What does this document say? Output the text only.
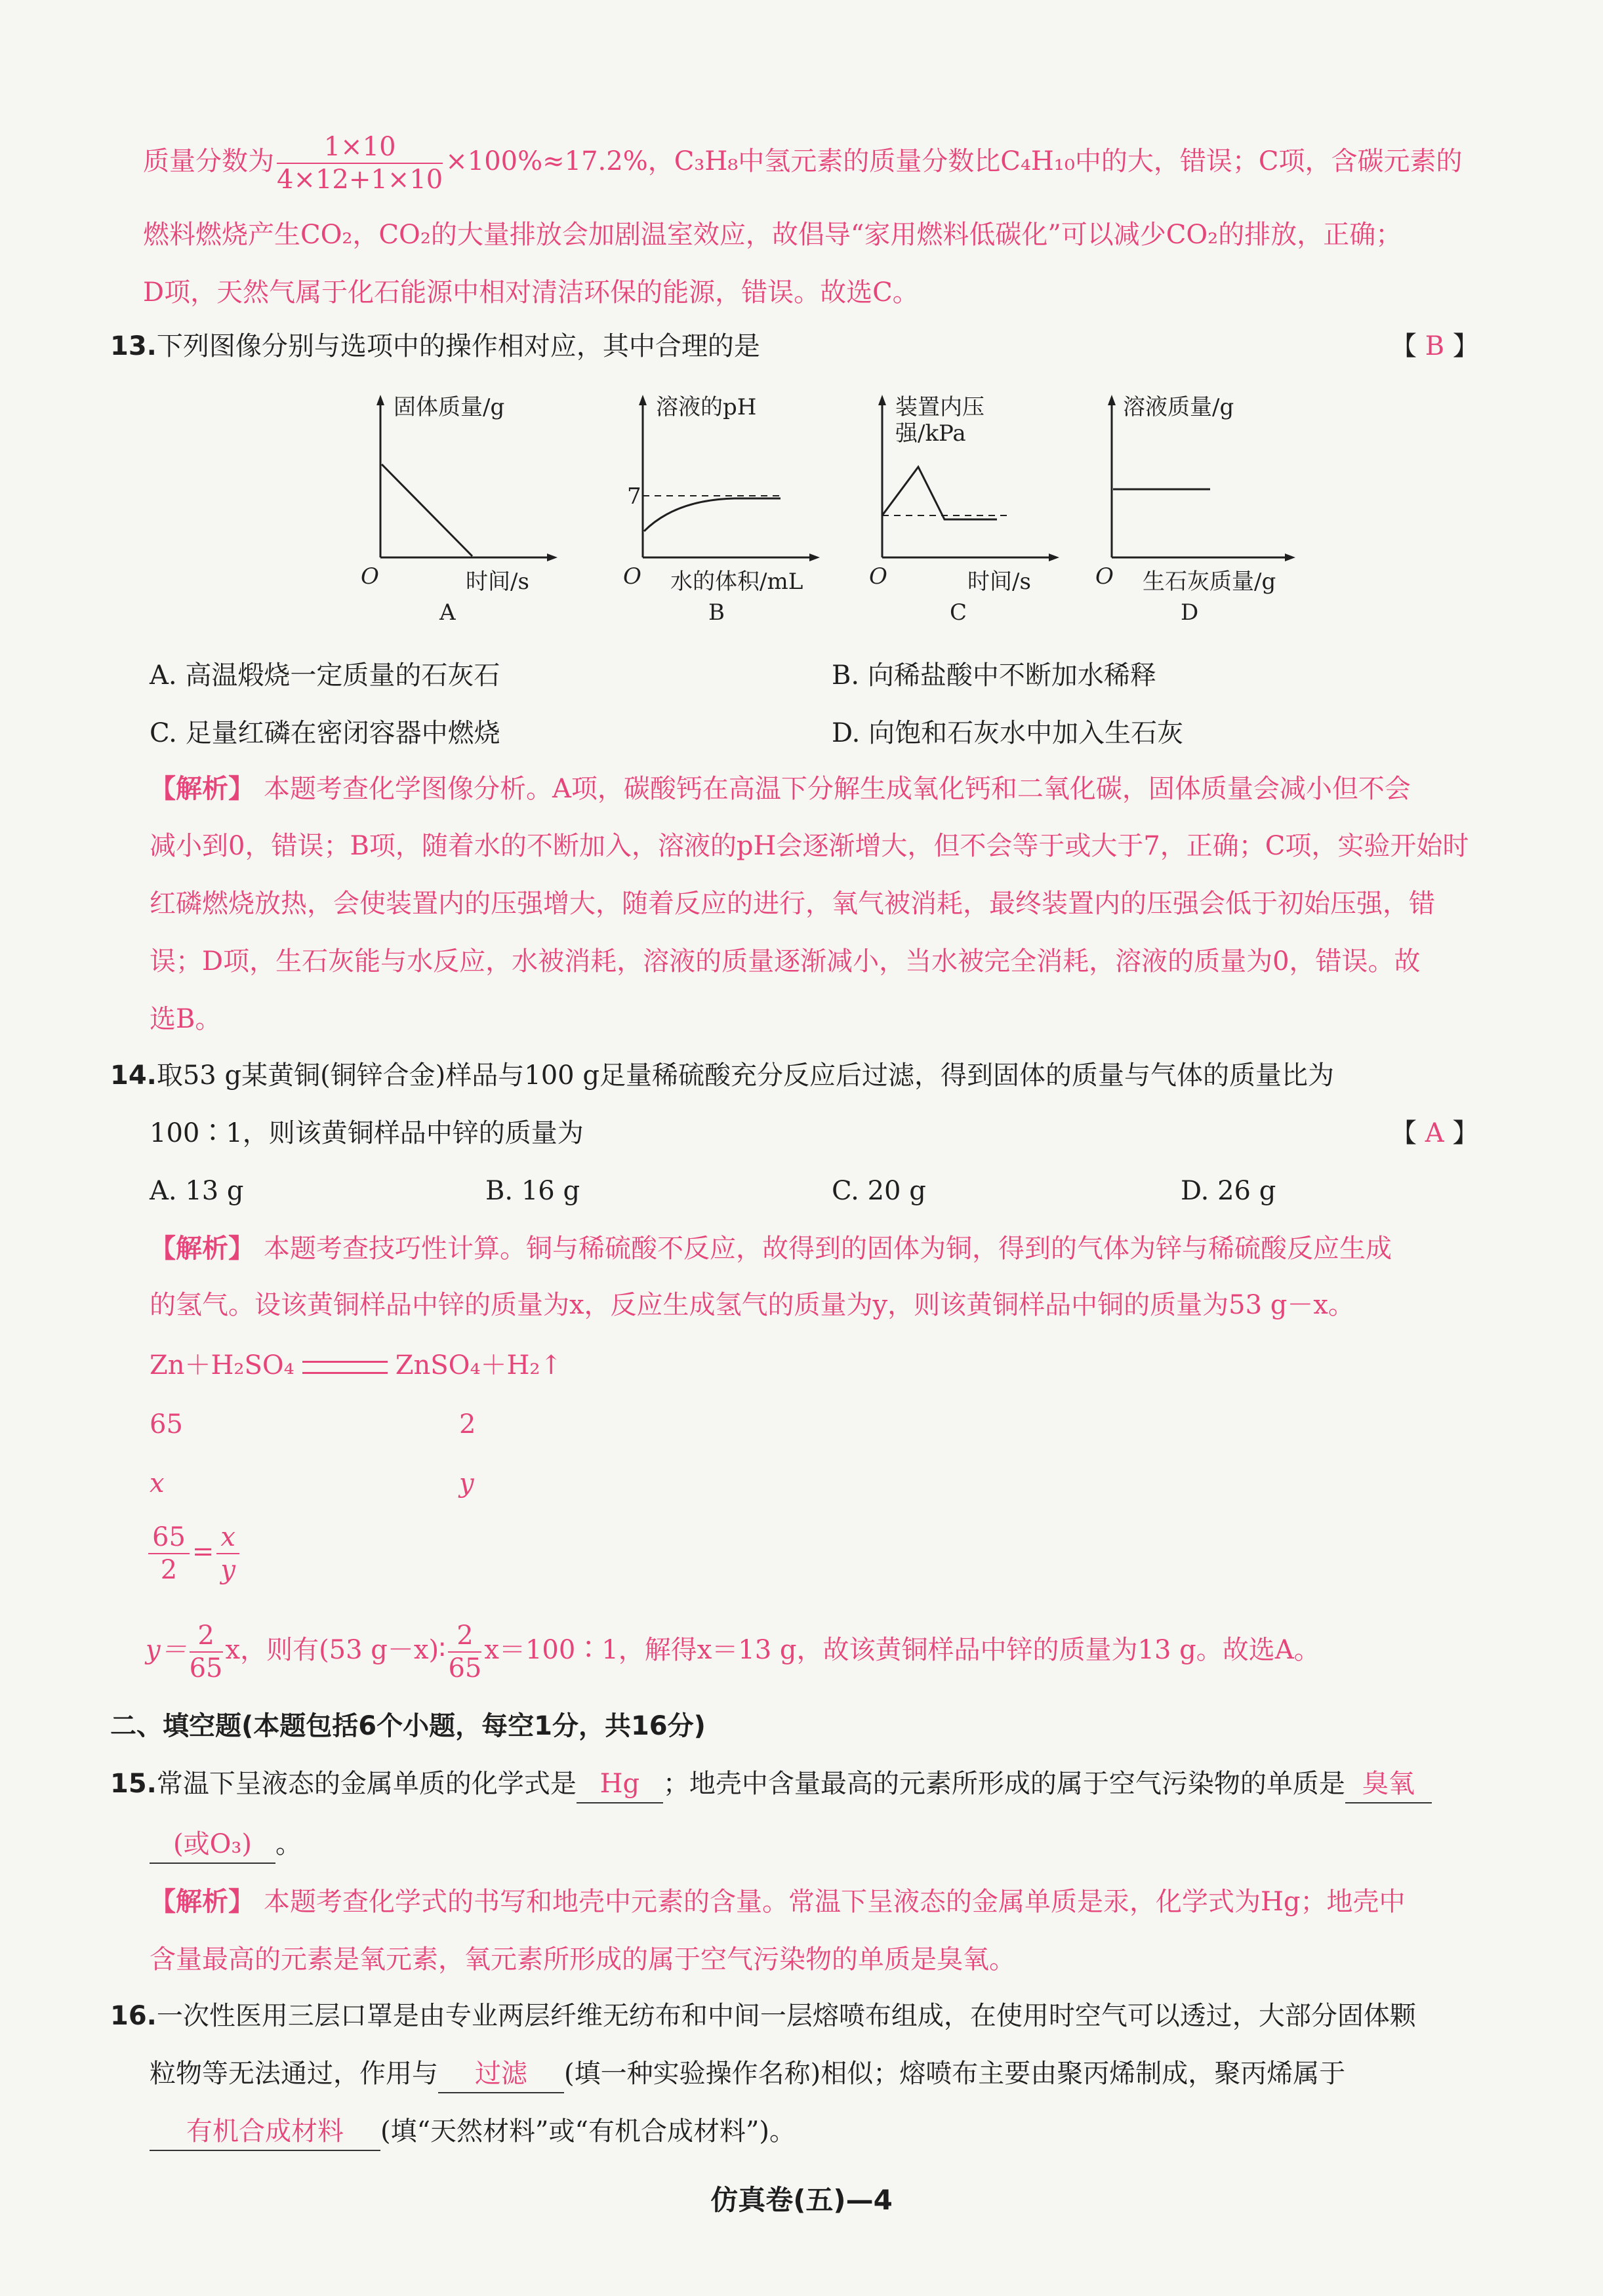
质量分数为 $\frac{1\times 10}{4\times 12+1\times 10} \times 100\%\approx 17.2\%$，C₃H₈中氢元素的质量分数比C₄H₁₀中的大，错误；C项，含碳元素的
燃料燃烧产生CO₂，CO₂的大量排放会加剧温室效应，故倡导“家用燃料低碳化”可以减少CO₂的排放，正确；
D项，天然气属于化石能源中相对清洁环保的能源，错误。故选C。
13.下列图像分别与选项中的操作相对应，其中合理的是	【 B 】
固体质量/g
O	时间/s
A
7
溶液的pH
O 水的体积/mL
B
装置内压
强/kPa
O	时间/s
C
溶液质量/g
O 生石灰质量/g
D
A. 高温煅烧一定质量的石灰石	B. 向稀盐酸中不断加水稀释
C. 足量红磷在密闭容器中燃烧	D. 向饱和石灰水中加入生石灰
【解析】 本题考查化学图像分析。A项，碳酸钙在高温下分解生成氧化钙和二氧化碳，固体质量会减小但不会
减小到0，错误；B项，随着水的不断加入，溶液的pH会逐渐增大，但不会等于或大于7，正确；C项，实验开始时
红磷燃烧放热，会使装置内的压强增大，随着反应的进行，氧气被消耗，最终装置内的压强会低于初始压强，错
误；D项，生石灰能与水反应，水被消耗，溶液的质量逐渐减小，当水被完全消耗，溶液的质量为0，错误。故
选B。
14.取53 g某黄铜(铜锌合金)样品与100 g足量稀硫酸充分反应后过滤，得到固体的质量与气体的质量比为
100∶1，则该黄铜样品中锌的质量为	【 A 】
A. 13 g	B. 16 g	C. 20 g	D. 26 g
【解析】 本题考查技巧性计算。铜与稀硫酸不反应，故得到的固体为铜，得到的气体为锌与稀硫酸反应生成
的氢气。设该黄铜样品中锌的质量为x，反应生成氢气的质量为y，则该黄铜样品中铜的质量为53 g－x。
Zn＋H₂SO₄	ZnSO₄＋H₂↑
65	2
x	y
$\frac{65}{2} = \frac{x}{y}$
$y= \frac{2}{65}$ x，则有(53 g－x)∶ $\frac{2}{65}$ x＝100∶1，解得x＝13 g，故该黄铜样品中锌的质量为13 g。故选A。
二、填空题(本题包括6个小题，每空1分，共16分)
15.常温下呈液态的金属单质的化学式是 Hg ；地壳中含量最高的元素所形成的属于空气污染物的单质是 臭氧
(或O₃) 。
【解析】 本题考查化学式的书写和地壳中元素的含量。常温下呈液态的金属单质是汞，化学式为Hg；地壳中
含量最高的元素是氧元素，氧元素所形成的属于空气污染物的单质是臭氧。
16.一次性医用三层口罩是由专业两层纤维无纺布和中间一层熔喷布组成，在使用时空气可以透过，大部分固体颗
粒物等无法通过，作用与 过滤 (填一种实验操作名称)相似；熔喷布主要由聚丙烯制成，聚丙烯属于
有机合成材料 (填“天然材料”或“有机合成材料”)。
仿真卷(五)—4
